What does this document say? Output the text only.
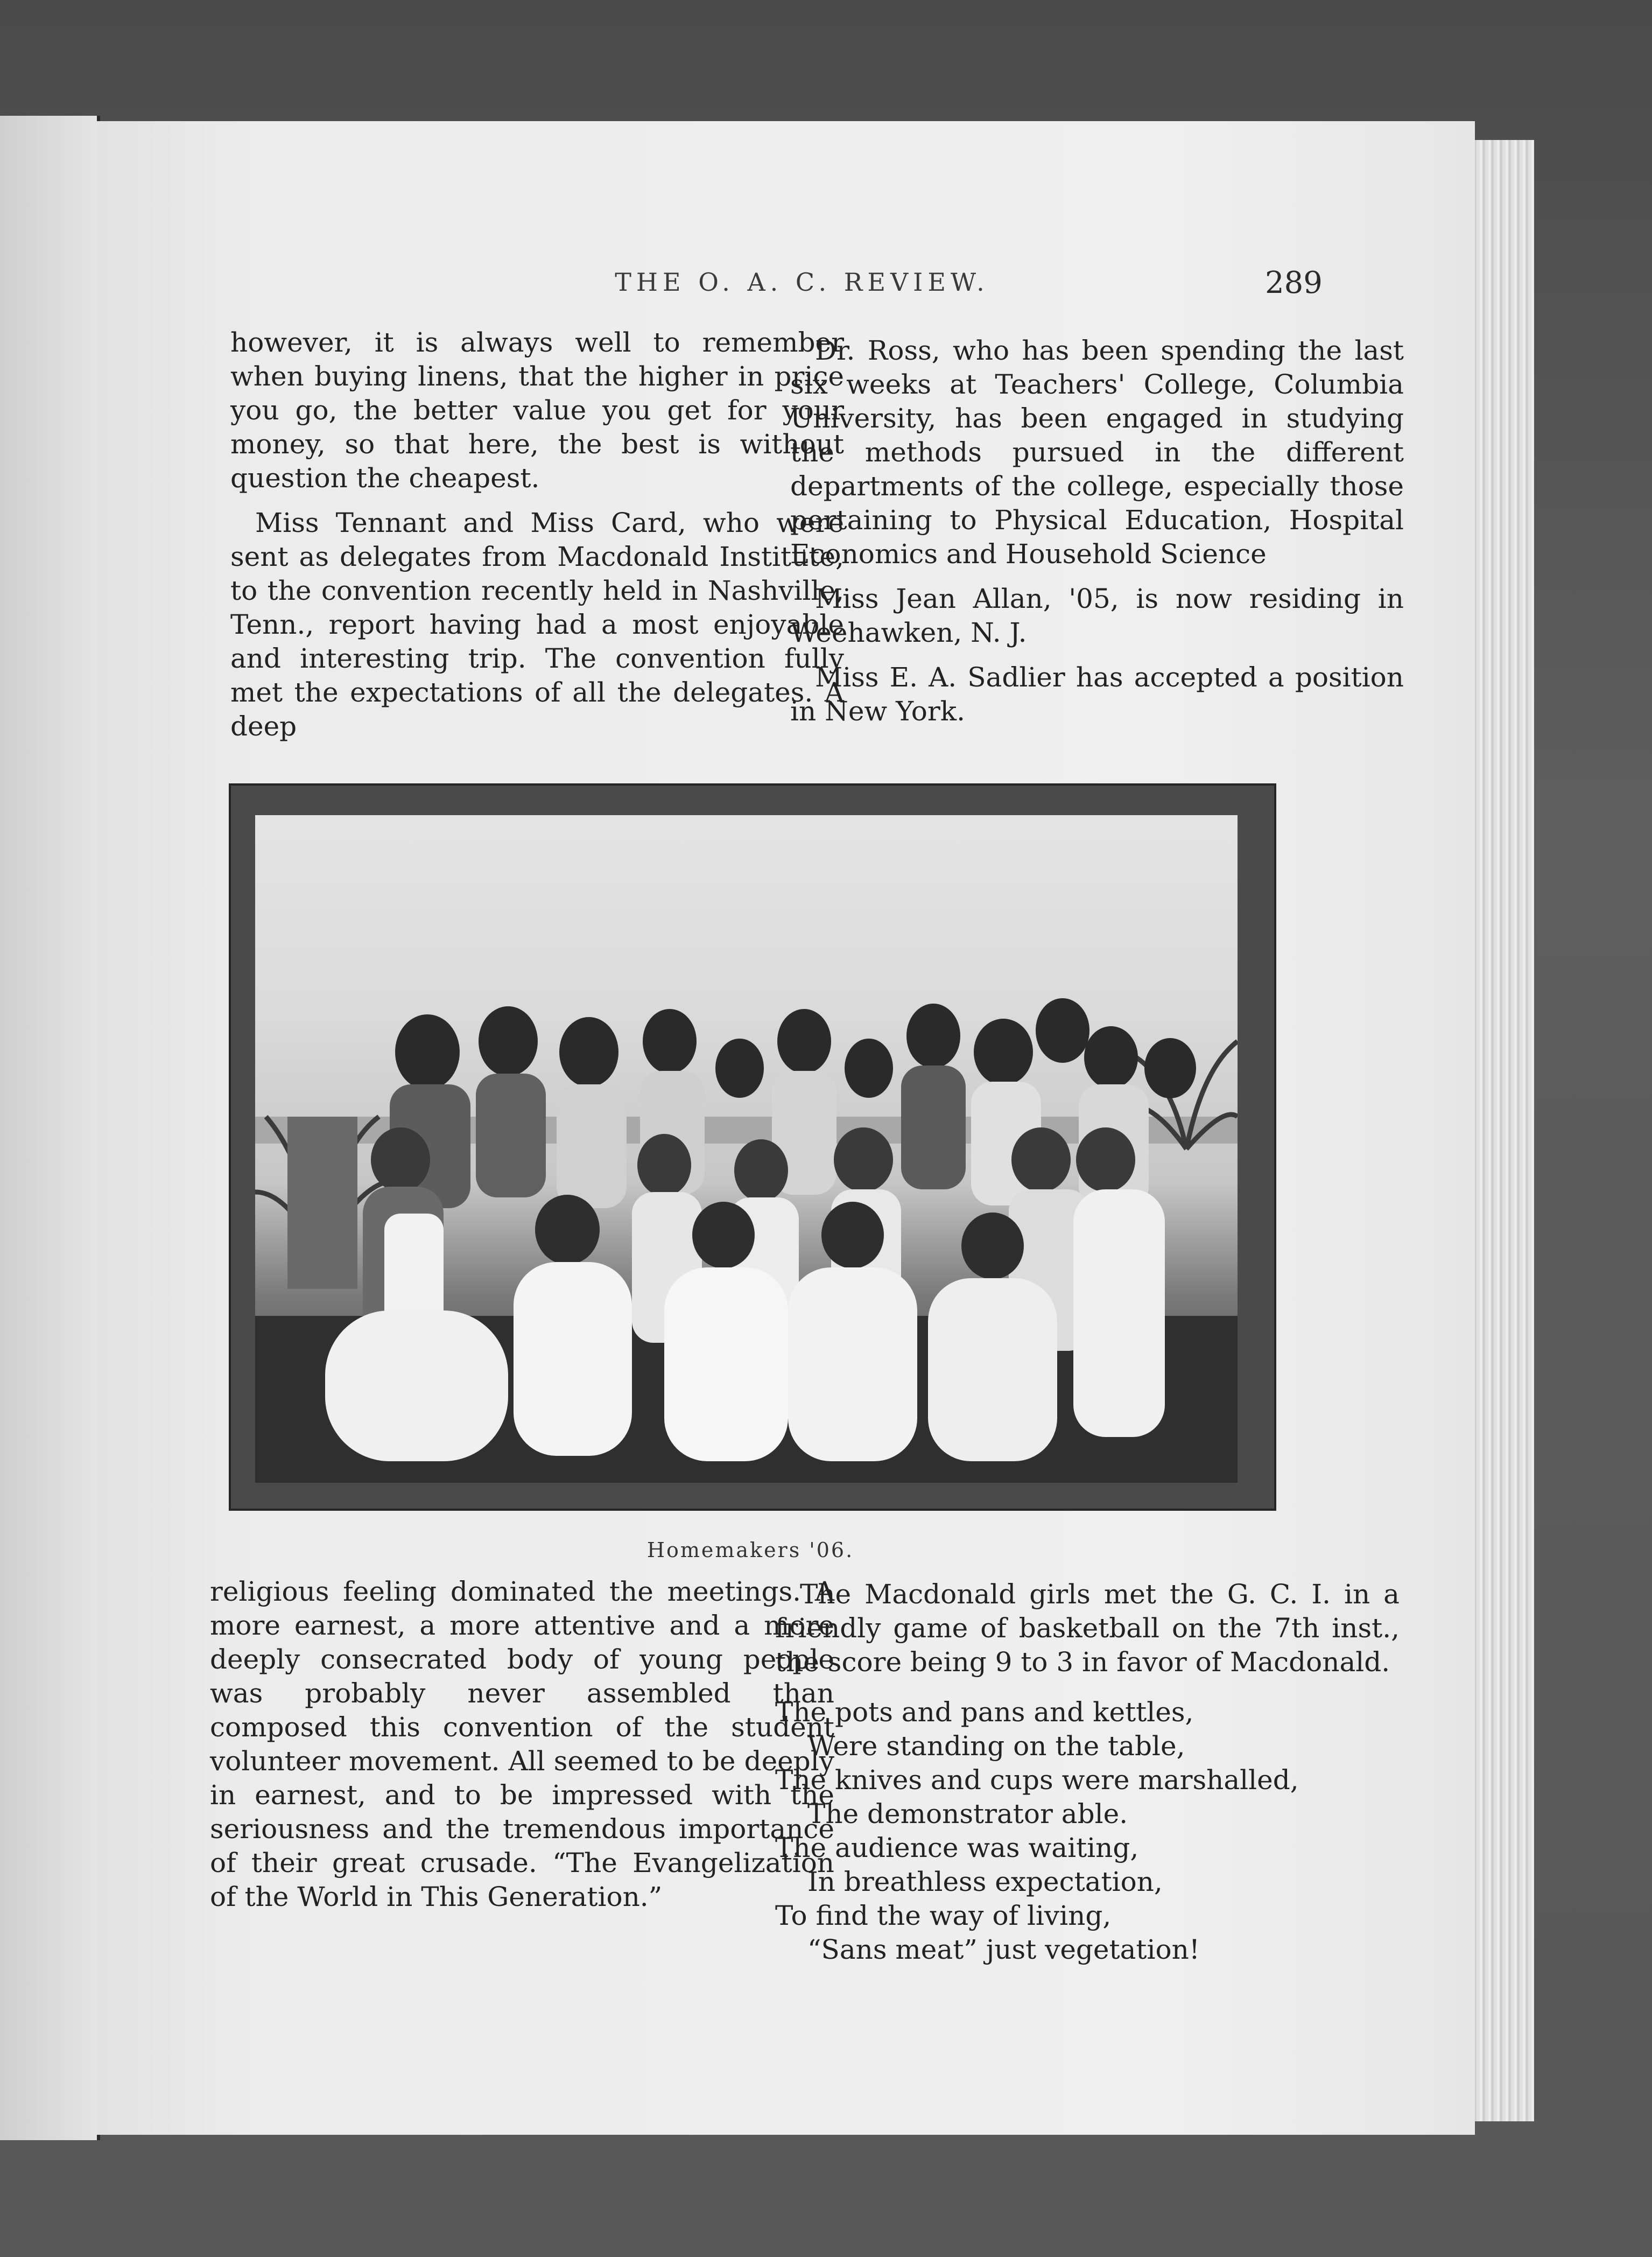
THE O. A. C. REVIEW.	289

however, it is always well to remember when buying linens, that the higher in price you go, the better value you get for your money, so that here, the best is without question the cheapest.

Miss Tennant and Miss Card, who were sent as delegates from Macdonald Institute, to the convention recently held in Nashville, Tenn., report having had a most enjoyable and interesting trip. The convention fully met the expectations of all the delegates. A deep

Dr. Ross, who has been spending the last six weeks at Teachers' College, Columbia University, has been engaged in studying the methods pursued in the different departments of the college, especially those pertaining to Physical Education, Hospital Economics and Household Science

Miss Jean Allan, '05, is now residing in Weehawken, N. J.

Miss E. A. Sadlier has accepted a position in New York.

Homemakers '06.

religious feeling dominated the meetings. A more earnest, a more attentive and a more deeply consecrated body of young people was probably never assembled than composed this convention of the student volunteer movement. All seemed to be deeply in earnest, and to be impressed with the seriousness and the tremendous importance of their great crusade. “The Evangelization of the World in This Generation.”

The Macdonald girls met the G. C. I. in a friendly game of basketball on the 7th inst., the score being 9 to 3 in favor of Macdonald.

The pots and pans and kettles,
Were standing on the table,
The knives and cups were marshalled,
The demonstrator able.
The audience was waiting,
In breathless expectation,
To find the way of living,
“Sans meat” just vegetation!
